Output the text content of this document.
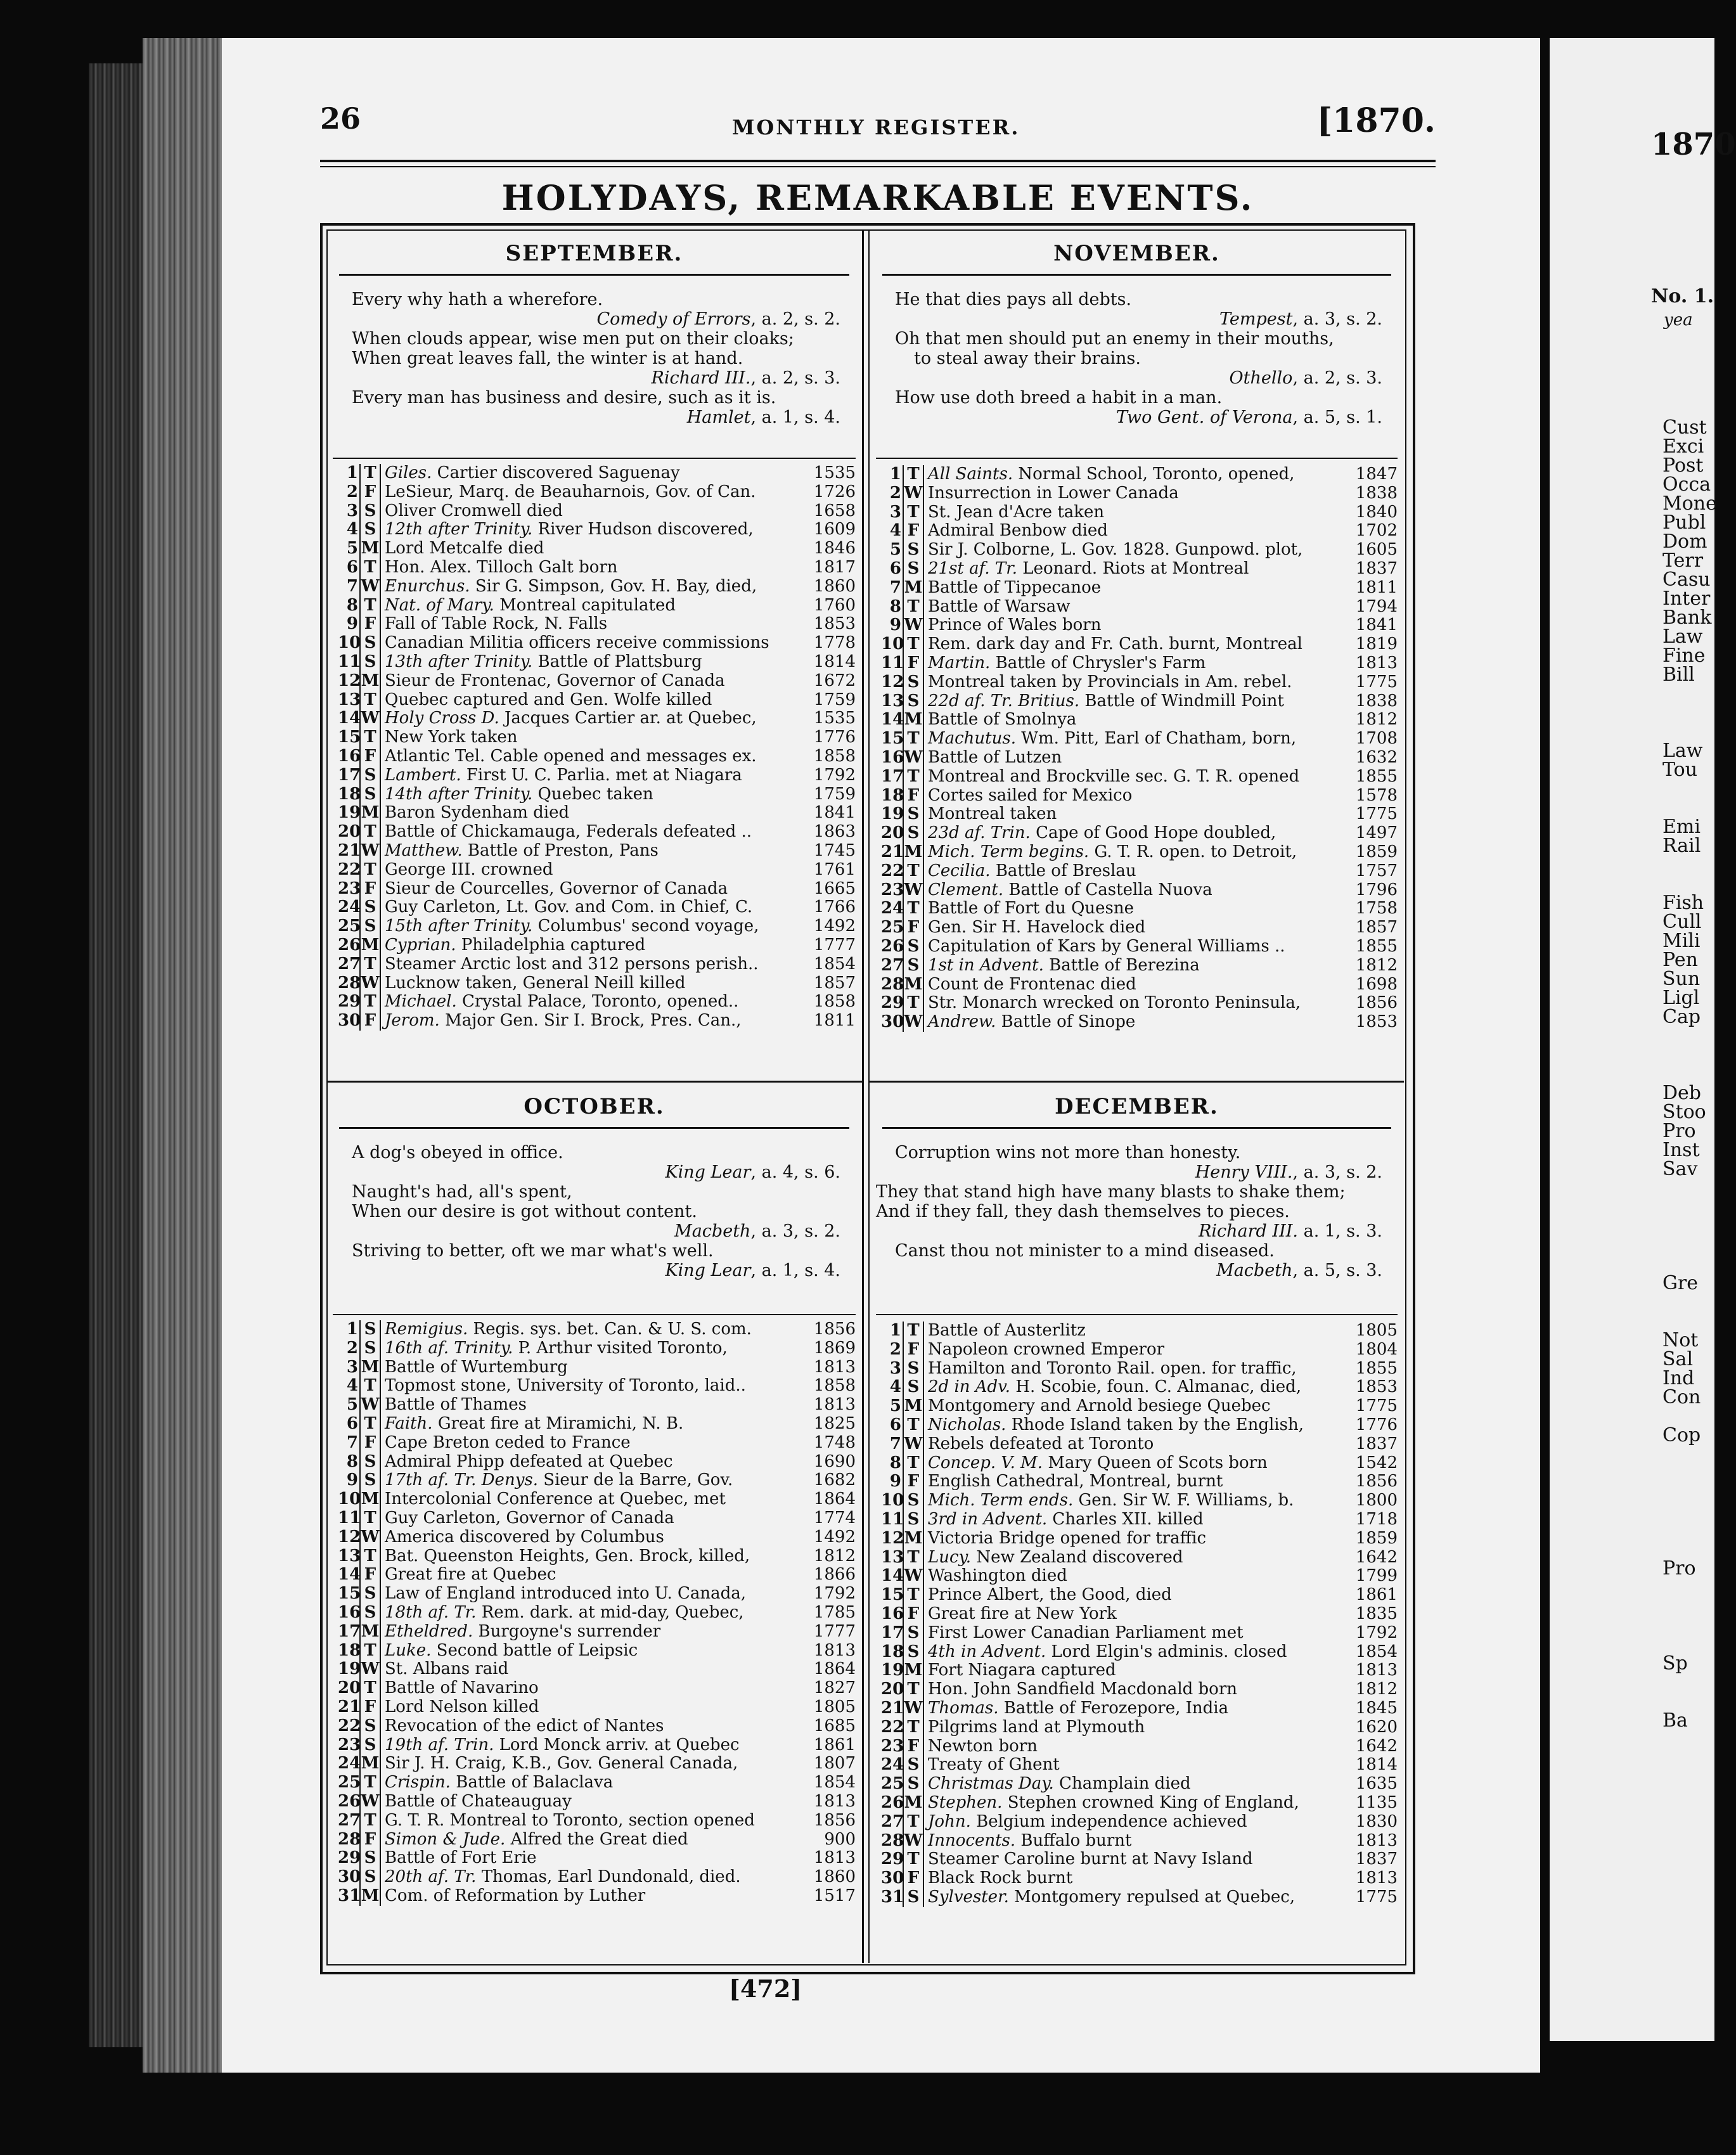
1870
No. 1.
yea
Cust
Exci
Post
Occa
Mone
Publ
Dom
Terr
Casu
Inter
Bank
Law
Fine
Bill
Law
Tou
Emi
Rail
Fish
Cull
Mili
Pen
Sun
Ligl
Cap
Deb
Stoo
Pro
Inst
Sav
Gre
Not
Sal
Ind
Con
Cop
Pro
Sp
Ba
26	MONTHLY REGISTER.	[1870.
HOLYDAYS, REMARKABLE EVENTS.
SEPTEMBER.
Every why hath a wherefore.
Comedy of Errors, a. 2, s. 2.
When clouds appear, wise men put on their cloaks;
When great leaves fall, the winter is at hand.
Richard III., a. 2, s. 3.
Every man has business and desire, such as it is.
Hamlet, a. 1, s. 4.
1 T Giles. Cartier discovered Saguenay	1535
2 F LeSieur, Marq. de Beauharnois, Gov. of Can.	1726
3 S Oliver Cromwell died	1658
4 S 12th after Trinity. River Hudson discovered,	1609
5 M Lord Metcalfe died	1846
6 T Hon. Alex. Tilloch Galt born	1817
7 W Enurchus. Sir G. Simpson, Gov. H. Bay, died,	1860
8 T Nat. of Mary. Montreal capitulated	1760
9 F Fall of Table Rock, N. Falls	1853
10 S Canadian Militia officers receive commissions	1778
11 S 13th after Trinity. Battle of Plattsburg	1814
12 M Sieur de Frontenac, Governor of Canada	1672
13 T Quebec captured and Gen. Wolfe killed	1759
14 W Holy Cross D. Jacques Cartier ar. at Quebec,	1535
15 T New York taken	1776
16 F Atlantic Tel. Cable opened and messages ex.	1858
17 S Lambert. First U. C. Parlia. met at Niagara	1792
18 S 14th after Trinity. Quebec taken	1759
19 M Baron Sydenham died	1841
20 T Battle of Chickamauga, Federals defeated ..	1863
21 W Matthew. Battle of Preston, Pans	1745
22 T George III. crowned	1761
23 F Sieur de Courcelles, Governor of Canada	1665
24 S Guy Carleton, Lt. Gov. and Com. in Chief, C.	1766
25 S 15th after Trinity. Columbus' second voyage,	1492
26 M Cyprian. Philadelphia captured	1777
27 T Steamer Arctic lost and 312 persons perish..	1854
28 W Lucknow taken, General Neill killed	1857
29 T Michael. Crystal Palace, Toronto, opened..	1858
30 F Jerom. Major Gen. Sir I. Brock, Pres. Can.,	1811
NOVEMBER.
He that dies pays all debts.
Tempest, a. 3, s. 2.
Oh that men should put an enemy in their mouths,
to steal away their brains.
Othello, a. 2, s. 3.
How use doth breed a habit in a man.
Two Gent. of Verona, a. 5, s. 1.
1 T All Saints. Normal School, Toronto, opened,	1847
2 W Insurrection in Lower Canada	1838
3 T St. Jean d'Acre taken	1840
4 F Admiral Benbow died	1702
5 S Sir J. Colborne, L. Gov. 1828. Gunpowd. plot,	1605
6 S 21st af. Tr. Leonard. Riots at Montreal	1837
7 M Battle of Tippecanoe	1811
8 T Battle of Warsaw	1794
9 W Prince of Wales born	1841
10 T Rem. dark day and Fr. Cath. burnt, Montreal	1819
11 F Martin. Battle of Chrysler's Farm	1813
12 S Montreal taken by Provincials in Am. rebel.	1775
13 S 22d af. Tr. Britius. Battle of Windmill Point	1838
14 M Battle of Smolnya	1812
15 T Machutus. Wm. Pitt, Earl of Chatham, born,	1708
16 W Battle of Lutzen	1632
17 T Montreal and Brockville sec. G. T. R. opened	1855
18 F Cortes sailed for Mexico	1578
19 S Montreal taken	1775
20 S 23d af. Trin. Cape of Good Hope doubled,	1497
21 M Mich. Term begins. G. T. R. open. to Detroit,	1859
22 T Cecilia. Battle of Breslau	1757
23 W Clement. Battle of Castella Nuova	1796
24 T Battle of Fort du Quesne	1758
25 F Gen. Sir H. Havelock died	1857
26 S Capitulation of Kars by General Williams ..	1855
27 S 1st in Advent. Battle of Berezina	1812
28 M Count de Frontenac died	1698
29 T Str. Monarch wrecked on Toronto Peninsula,	1856
30 W Andrew. Battle of Sinope	1853
OCTOBER.
A dog's obeyed in office.
King Lear, a. 4, s. 6.
Naught's had, all's spent,
When our desire is got without content.
Macbeth, a. 3, s. 2.
Striving to better, oft we mar what's well.
King Lear, a. 1, s. 4.
1 S Remigius. Regis. sys. bet. Can. & U. S. com.	1856
2 S 16th af. Trinity. P. Arthur visited Toronto,	1869
3 M Battle of Wurtemburg	1813
4 T Topmost stone, University of Toronto, laid..	1858
5 W Battle of Thames	1813
6 T Faith. Great fire at Miramichi, N. B.	1825
7 F Cape Breton ceded to France	1748
8 S Admiral Phipp defeated at Quebec	1690
9 S 17th af. Tr. Denys. Sieur de la Barre, Gov.	1682
10 M Intercolonial Conference at Quebec, met	1864
11 T Guy Carleton, Governor of Canada	1774
12 W America discovered by Columbus	1492
13 T Bat. Queenston Heights, Gen. Brock, killed,	1812
14 F Great fire at Quebec	1866
15 S Law of England introduced into U. Canada,	1792
16 S 18th af. Tr. Rem. dark. at mid-day, Quebec,	1785
17 M Etheldred. Burgoyne's surrender	1777
18 T Luke. Second battle of Leipsic	1813
19 W St. Albans raid	1864
20 T Battle of Navarino	1827
21 F Lord Nelson killed	1805
22 S Revocation of the edict of Nantes	1685
23 S 19th af. Trin. Lord Monck arriv. at Quebec	1861
24 M Sir J. H. Craig, K.B., Gov. General Canada,	1807
25 T Crispin. Battle of Balaclava	1854
26 W Battle of Chateauguay	1813
27 T G. T. R. Montreal to Toronto, section opened	1856
28 F Simon & Jude. Alfred the Great died	900
29 S Battle of Fort Erie	1813
30 S 20th af. Tr. Thomas, Earl Dundonald, died.	1860
31 M Com. of Reformation by Luther	1517
DECEMBER.
Corruption wins not more than honesty.
Henry VIII., a. 3, s. 2.
They that stand high have many blasts to shake them;
And if they fall, they dash themselves to pieces.
Richard III. a. 1, s. 3.
Canst thou not minister to a mind diseased.
Macbeth, a. 5, s. 3.
1 T Battle of Austerlitz	1805
2 F Napoleon crowned Emperor	1804
3 S Hamilton and Toronto Rail. open. for traffic,	1855
4 S 2d in Adv. H. Scobie, foun. C. Almanac, died,	1853
5 M Montgomery and Arnold besiege Quebec	1775
6 T Nicholas. Rhode Island taken by the English,	1776
7 W Rebels defeated at Toronto	1837
8 T Concep. V. M. Mary Queen of Scots born	1542
9 F English Cathedral, Montreal, burnt	1856
10 S Mich. Term ends. Gen. Sir W. F. Williams, b.	1800
11 S 3rd in Advent. Charles XII. killed	1718
12 M Victoria Bridge opened for traffic	1859
13 T Lucy. New Zealand discovered	1642
14 W Washington died	1799
15 T Prince Albert, the Good, died	1861
16 F Great fire at New York	1835
17 S First Lower Canadian Parliament met	1792
18 S 4th in Advent. Lord Elgin's adminis. closed	1854
19 M Fort Niagara captured	1813
20 T Hon. John Sandfield Macdonald born	1812
21 W Thomas. Battle of Ferozepore, India	1845
22 T Pilgrims land at Plymouth	1620
23 F Newton born	1642
24 S Treaty of Ghent	1814
25 S Christmas Day. Champlain died	1635
26 M Stephen. Stephen crowned King of England,	1135
27 T John. Belgium independence achieved	1830
28 W Innocents. Buffalo burnt	1813
29 T Steamer Caroline burnt at Navy Island	1837
30 F Black Rock burnt	1813
31 S Sylvester. Montgomery repulsed at Quebec,	1775
[472]
